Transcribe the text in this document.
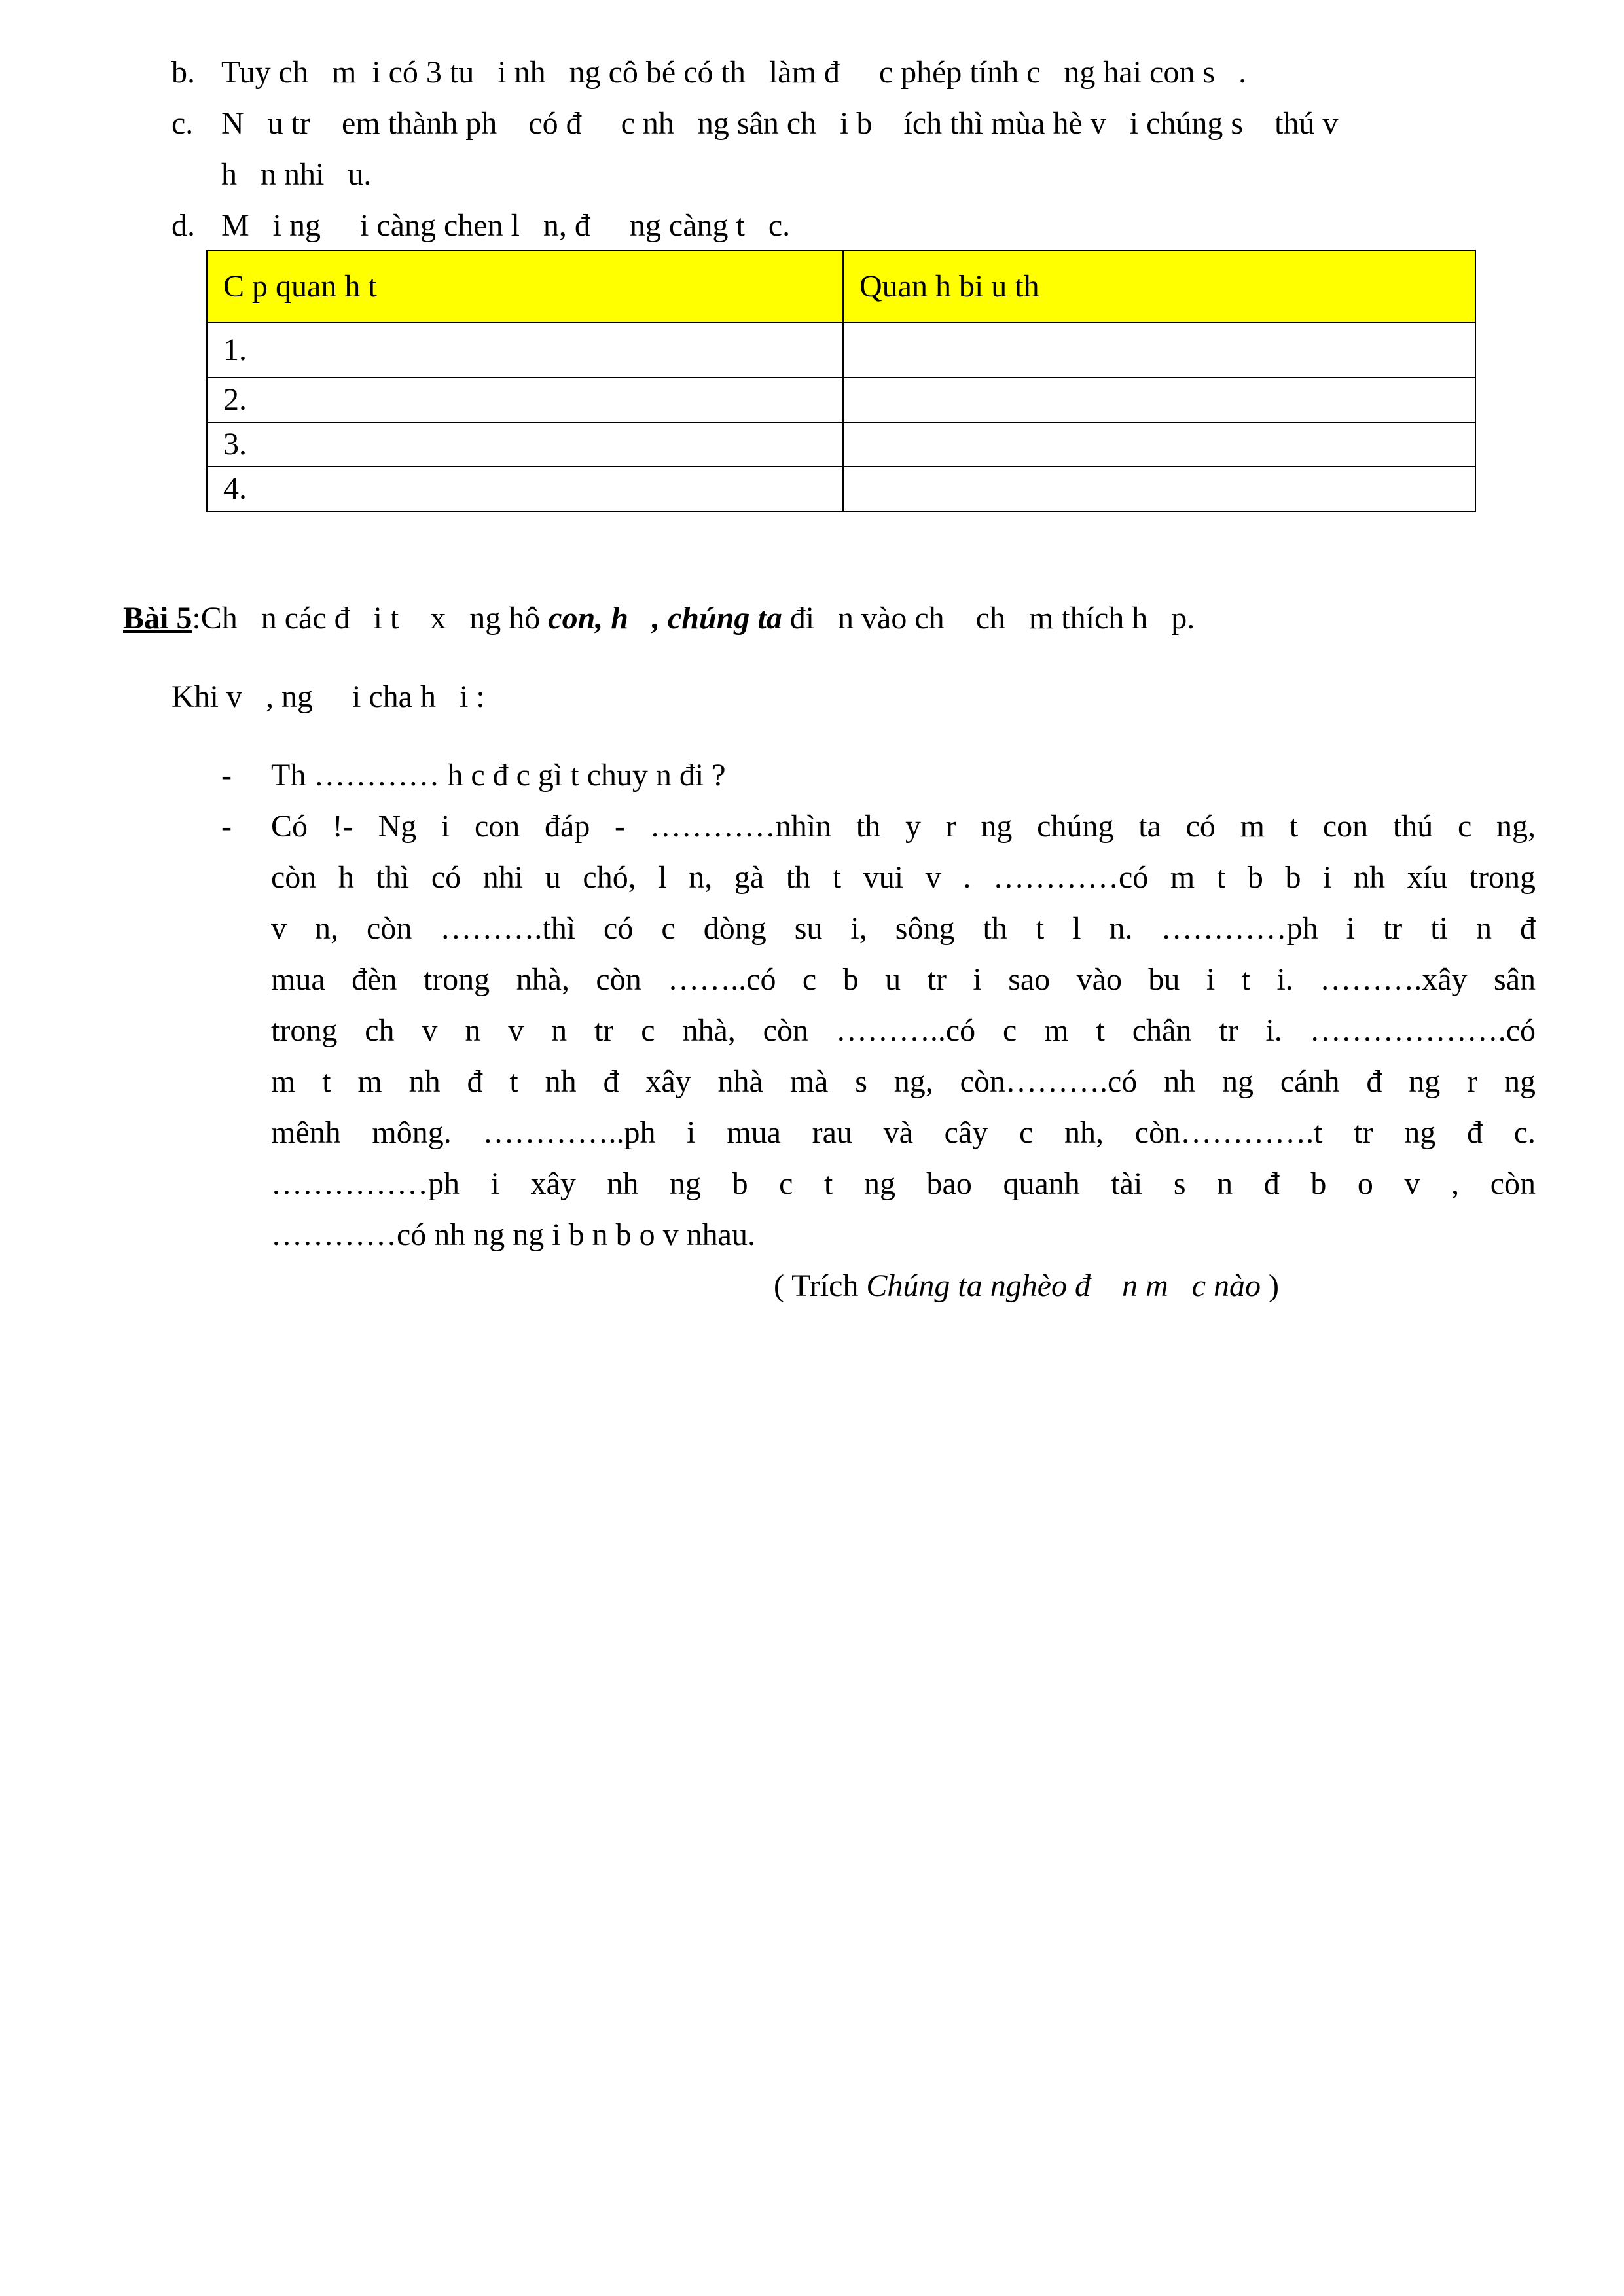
b. Tuy ch   m  i có 3 tu   i nh   ng cô bé có th   làm đ     c phép tính c   ng hai con s   .
c. N   u tr    em thành ph    có đ     c nh   ng sân ch   i b    ích thì mùa hè v   i chúng s    thú v
h   n nhi   u.
d. M   i ng     i càng chen l   n, đ     ng càng t   c.
C p quan h t	Quan h bi u th
1.	
2.	
3.	
4.	
Bài 5:Ch   n các đ   i t    x   ng hô con, h   , chúng ta đi   n vào ch    ch   m thích h   p.
Khi v   , ng     i cha h   i :
- Th ………… h c đ c gì t chuy n đi ?
- Có !- Ng i con đáp - …………nhìn th y r ng chúng ta có m t con thú c ng,
còn h thì có nhi u chó, l n, gà th t vui v . …………có m t b b i nh xíu trong
v n, còn ……….thì có c dòng su i, sông th t l n. …………ph i tr ti n đ
mua đèn trong nhà, còn ……..có c b u tr i sao vào bu i t i. ……….xây sân
trong ch v n v n tr c nhà, còn ………..có c m t chân tr i. ……………….có
m t m nh đ t nh đ xây nhà mà s ng, còn……….có nh ng cánh đ ng r ng
mênh mông. …………..ph i mua rau và cây c nh, còn………….t tr ng đ c.
……………ph i xây nh ng b c t ng bao quanh tài s n đ b o v , còn
…………có nh ng ng i b n b o v nhau.
( Trích Chúng ta nghèo đ    n m   c nào )
